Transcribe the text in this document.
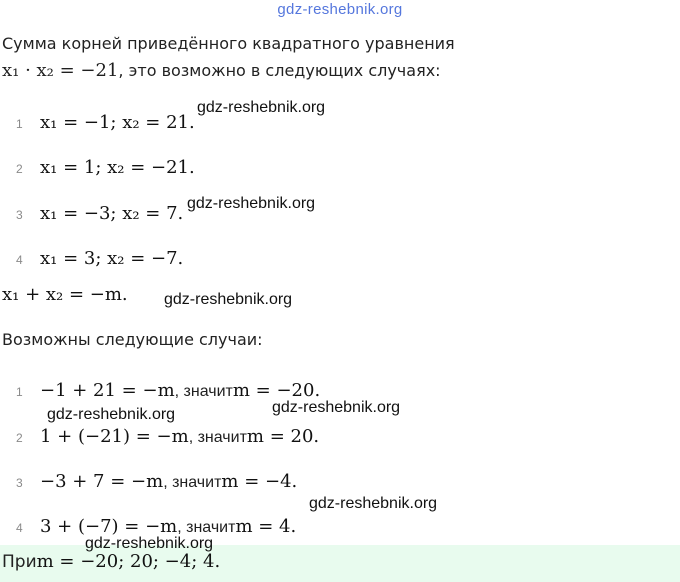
gdz-reshebnik.org
Сумма корней приведённого квадратного уравнения
x₁ · x₂ = −21 , это возможно в следующих случаях:
1 x₁ = −1; x₂ = 21.
2 x₁ = 1; x₂ = −21.
3 x₁ = −3; x₂ = 7.
4 x₁ = 3; x₂ = −7.
x₁ + x₂ = −m.
Возможны следующие случаи:
1 −1 + 21 = −m , значит m = −20.
2 1 + (−21) = −m , значит m = 20.
3 −3 + 7 = −m , значит m = −4.
4 3 + (−7) = −m , значит m = 4.
При m = −20; 20; −4; 4.
gdz-reshebnik.org
gdz-reshebnik.org
gdz-reshebnik.org
gdz-reshebnik.org	gdz-reshebnik.org
gdz-reshebnik.org
gdz-reshebnik.org
